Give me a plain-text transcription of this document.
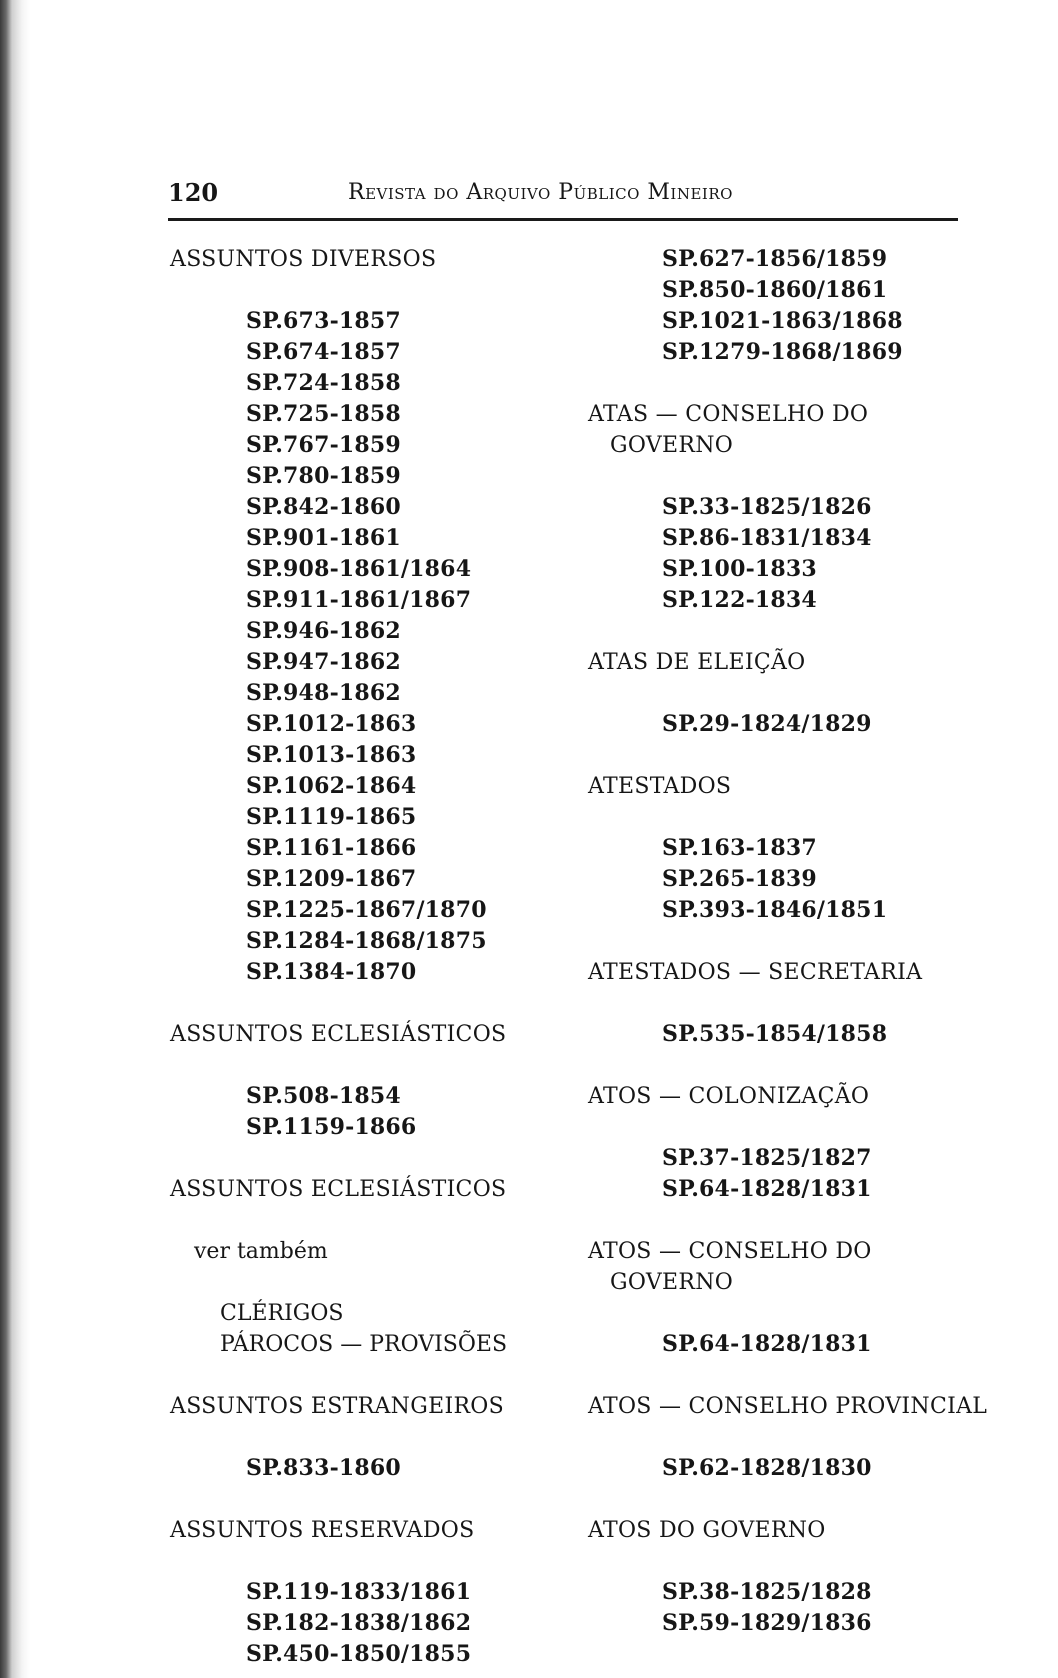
120	Revista do Arquivo Público Mineiro
ASSUNTOS DIVERSOS
SP.673-1857
SP.674-1857
SP.724-1858
SP.725-1858
SP.767-1859
SP.780-1859
SP.842-1860
SP.901-1861
SP.908-1861/1864
SP.911-1861/1867
SP.946-1862
SP.947-1862
SP.948-1862
SP.1012-1863
SP.1013-1863
SP.1062-1864
SP.1119-1865
SP.1161-1866
SP.1209-1867
SP.1225-1867/1870
SP.1284-1868/1875
SP.1384-1870
ASSUNTOS ECLESIÁSTICOS
SP.508-1854
SP.1159-1866
ASSUNTOS ECLESIÁSTICOS
ver também
CLÉRIGOS
PÁROCOS — PROVISÕES
ASSUNTOS ESTRANGEIROS
SP.833-1860
ASSUNTOS RESERVADOS
SP.119-1833/1861
SP.182-1838/1862
SP.450-1850/1855
SP.627-1856/1859
SP.850-1860/1861
SP.1021-1863/1868
SP.1279-1868/1869
ATAS — CONSELHO DO GOVERNO
SP.33-1825/1826
SP.86-1831/1834
SP.100-1833
SP.122-1834
ATAS DE ELEIÇÃO
SP.29-1824/1829
ATESTADOS
SP.163-1837
SP.265-1839
SP.393-1846/1851
ATESTADOS — SECRETARIA
SP.535-1854/1858
ATOS — COLONIZAÇÃO
SP.37-1825/1827
SP.64-1828/1831
ATOS — CONSELHO DO GOVERNO
SP.64-1828/1831
ATOS — CONSELHO PROVINCIAL
SP.62-1828/1830
ATOS DO GOVERNO
SP.38-1825/1828
SP.59-1829/1836
